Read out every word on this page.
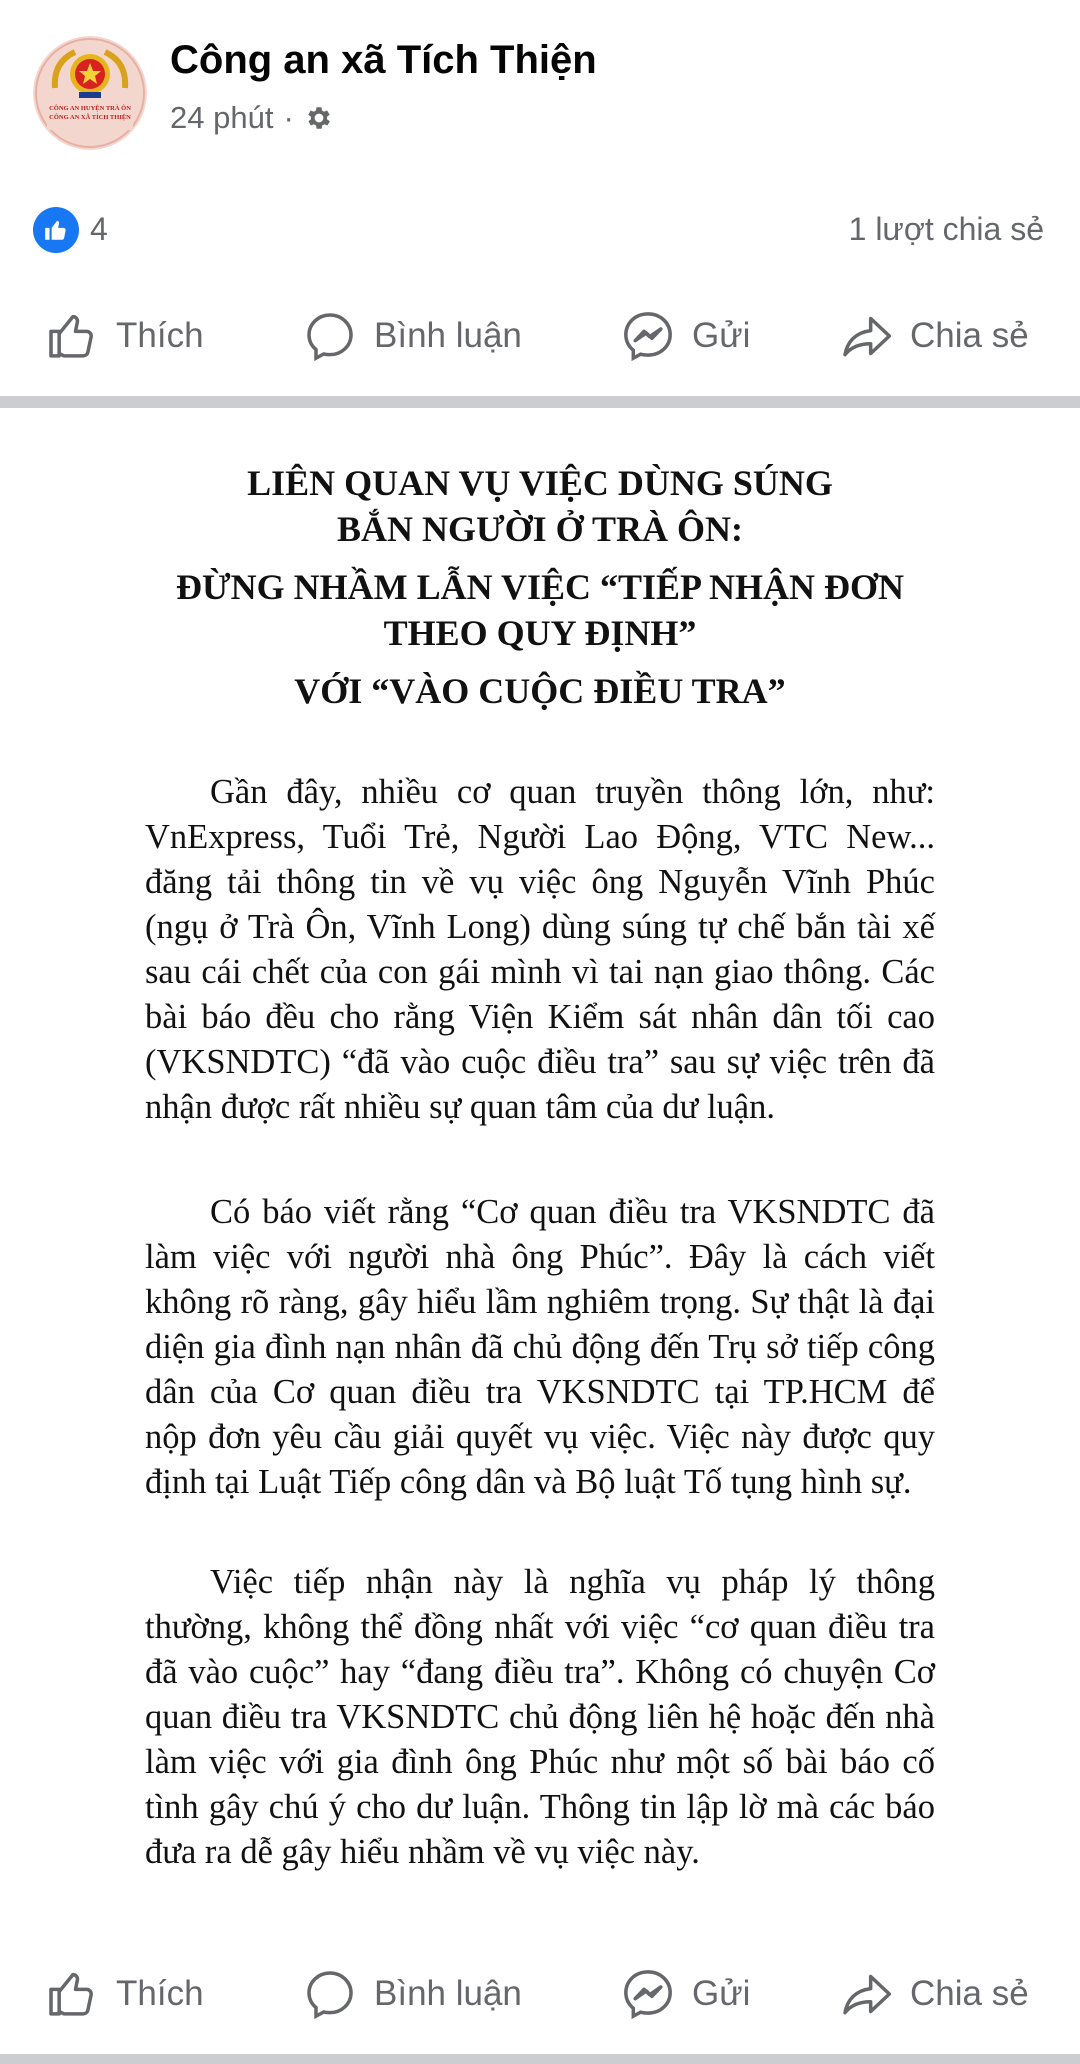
CÔNG AN HUYỆN TRÀ ÔN
CÔNG AN XÃ TÍCH THIỆN
Công an xã Tích Thiện
24 phút ·
4	1 lượt chia sẻ
Thích	Bình luận	Gửi	Chia sẻ
LIÊN QUAN VỤ VIỆC DÙNG SÚNG BẮN NGƯỜI Ở TRÀ ÔN:
ĐỪNG NHẦM LẪN VIỆC “TIẾP NHẬN ĐƠN THEO QUY ĐỊNH”
VỚI “VÀO CUỘC ĐIỀU TRA”

Gần đây, nhiều cơ quan truyền thông lớn, như: VnExpress, Tuổi Trẻ, Người Lao Động, VTC New... đăng tải thông tin về vụ việc ông Nguyễn Vĩnh Phúc (ngụ ở Trà Ôn, Vĩnh Long) dùng súng tự chế bắn tài xế sau cái chết của con gái mình vì tai nạn giao thông. Các bài báo đều cho rằng Viện Kiểm sát nhân dân tối cao (VKSNDTC) “đã vào cuộc điều tra” sau sự việc trên đã nhận được rất nhiều sự quan tâm của dư luận.

Có báo viết rằng “Cơ quan điều tra VKSNDTC đã làm việc với người nhà ông Phúc”. Đây là cách viết không rõ ràng, gây hiểu lầm nghiêm trọng. Sự thật là đại diện gia đình nạn nhân đã chủ động đến Trụ sở tiếp công dân của Cơ quan điều tra VKSNDTC tại TP.HCM để nộp đơn yêu cầu giải quyết vụ việc. Việc này được quy định tại Luật Tiếp công dân và Bộ luật Tố tụng hình sự.

Việc tiếp nhận này là nghĩa vụ pháp lý thông thường, không thể đồng nhất với việc “cơ quan điều tra đã vào cuộc” hay “đang điều tra”. Không có chuyện Cơ quan điều tra VKSNDTC chủ động liên hệ hoặc đến nhà làm việc với gia đình ông Phúc như một số bài báo cố tình gây chú ý cho dư luận. Thông tin lập lờ mà các báo đưa ra dễ gây hiểu nhầm về vụ việc này.

Thích	Bình luận	Gửi	Chia sẻ
